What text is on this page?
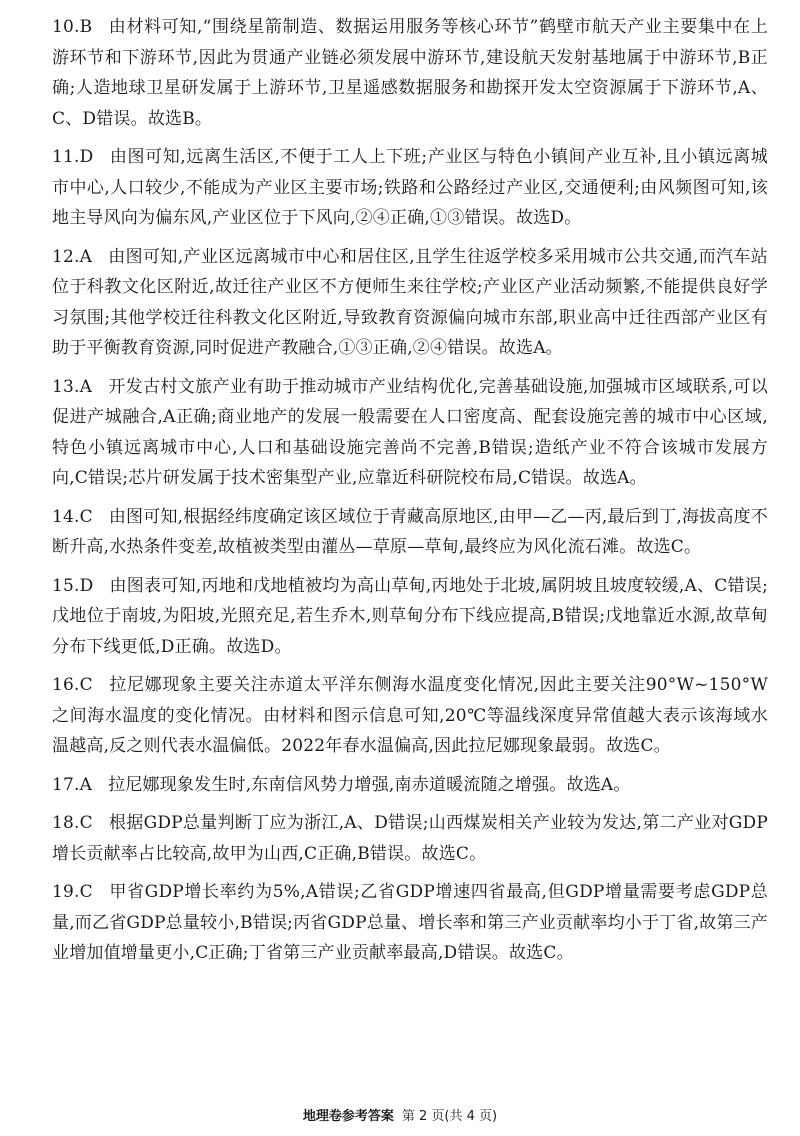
10.B 由材料可知,“围绕星箭制造、数据运用服务等核心环节”鹤壁市航天产业主要集中在上游环节和下游环节,因此为贯通产业链必须发展中游环节,建设航天发射基地属于中游环节,B正确;人造地球卫星研发属于上游环节,卫星遥感数据服务和勘探开发太空资源属于下游环节,A、C、D错误。故选B。

11.D 由图可知,远离生活区,不便于工人上下班;产业区与特色小镇间产业互补,且小镇远离城市中心,人口较少,不能成为产业区主要市场;铁路和公路经过产业区,交通便利;由风频图可知,该地主导风向为偏东风,产业区位于下风向,②④正确,①③错误。故选D。

12.A 由图可知,产业区远离城市中心和居住区,且学生往返学校多采用城市公共交通,而汽车站位于科教文化区附近,故迁往产业区不方便师生来往学校;产业区产业活动频繁,不能提供良好学习氛围;其他学校迁往科教文化区附近,导致教育资源偏向城市东部,职业高中迁往西部产业区有助于平衡教育资源,同时促进产教融合,①③正确,②④错误。故选A。

13.A 开发古村文旅产业有助于推动城市产业结构优化,完善基础设施,加强城市区域联系,可以促进产城融合,A正确;商业地产的发展一般需要在人口密度高、配套设施完善的城市中心区域,特色小镇远离城市中心,人口和基础设施完善尚不完善,B错误;造纸产业不符合该城市发展方向,C错误;芯片研发属于技术密集型产业,应靠近科研院校布局,C错误。故选A。

14.C 由图可知,根据经纬度确定该区域位于青藏高原地区,由甲—乙—丙,最后到丁,海拔高度不断升高,水热条件变差,故植被类型由灌丛—草原—草甸,最终应为风化流石滩。故选C。

15.D 由图表可知,丙地和戊地植被均为高山草甸,丙地处于北坡,属阴坡且坡度较缓,A、C错误;戊地位于南坡,为阳坡,光照充足,若生乔木,则草甸分布下线应提高,B错误;戊地靠近水源,故草甸分布下线更低,D正确。故选D。

16.C 拉尼娜现象主要关注赤道太平洋东侧海水温度变化情况,因此主要关注90°W~150°W之间海水温度的变化情况。由材料和图示信息可知,20℃等温线深度异常值越大表示该海域水温越高,反之则代表水温偏低。2022年春水温偏高,因此拉尼娜现象最弱。故选C。

17.A 拉尼娜现象发生时,东南信风势力增强,南赤道暖流随之增强。故选A。

18.C 根据GDP总量判断丁应为浙江,A、D错误;山西煤炭相关产业较为发达,第二产业对GDP增长贡献率占比较高,故甲为山西,C正确,B错误。故选C。

19.C 甲省GDP增长率约为5%,A错误;乙省GDP增速四省最高,但GDP增量需要考虑GDP总量,而乙省GDP总量较小,B错误;丙省GDP总量、增长率和第三产业贡献率均小于丁省,故第三产业增加值增量更小,C正确;丁省第三产业贡献率最高,D错误。故选C。

地理卷参考答案 第 2 页(共 4 页)
